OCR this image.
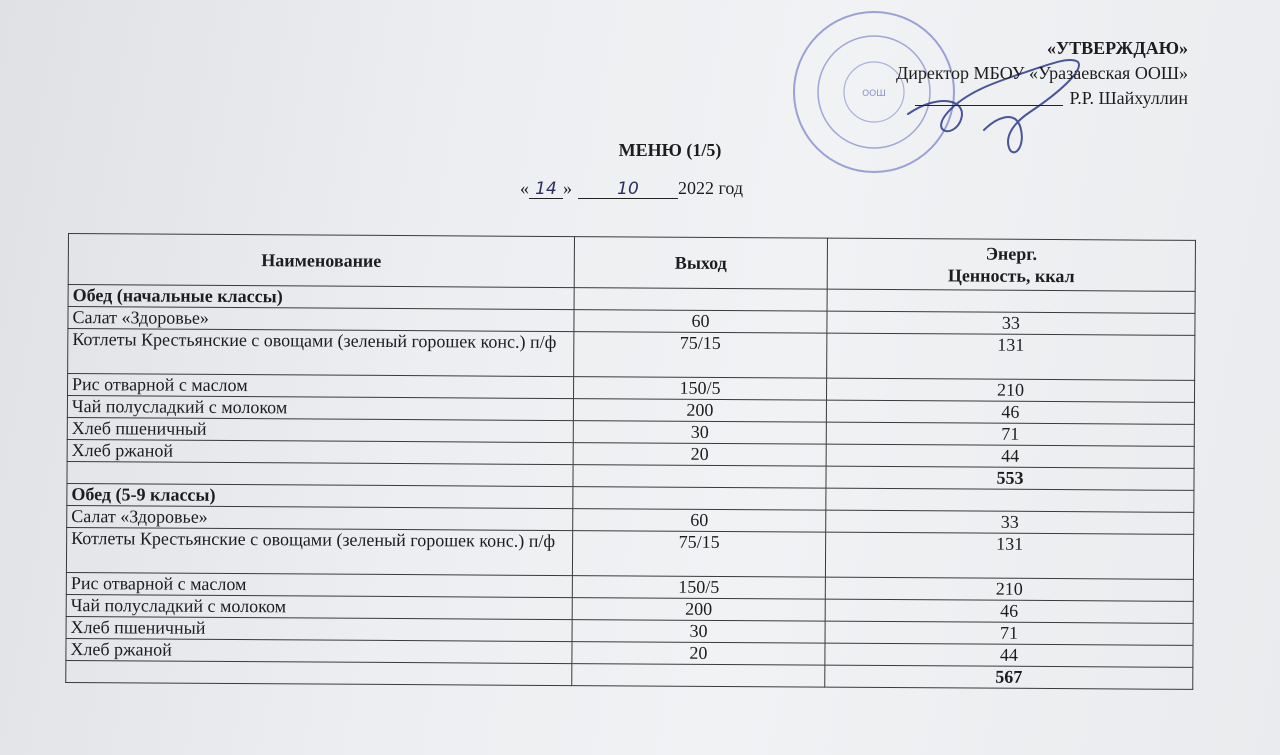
ООШ
«УТВЕРЖДАЮ»
Директор МБОУ «Уразаевская ООШ»
Р.Р. Шайхуллин
МЕНЮ (1/5)
« 14 »	10 2022 год
Наименование	Выход	Энерг.
Ценность, ккал
Обед (начальные классы)		
Салат «Здоровье»	60	33
Котлеты Крестьянские с овощами (зеленый горошек конс.) п/ф	75/15	131
Рис отварной с маслом	150/5	210
Чай полусладкий с молоком	200	46
Хлеб пшеничный	30	71
Хлеб ржаной	20	44
		553
Обед (5-9 классы)		
Салат «Здоровье»	60	33
Котлеты Крестьянские с овощами (зеленый горошек конс.) п/ф	75/15	131
Рис отварной с маслом	150/5	210
Чай полусладкий с молоком	200	46
Хлеб пшеничный	30	71
Хлеб ржаной	20	44
		567
